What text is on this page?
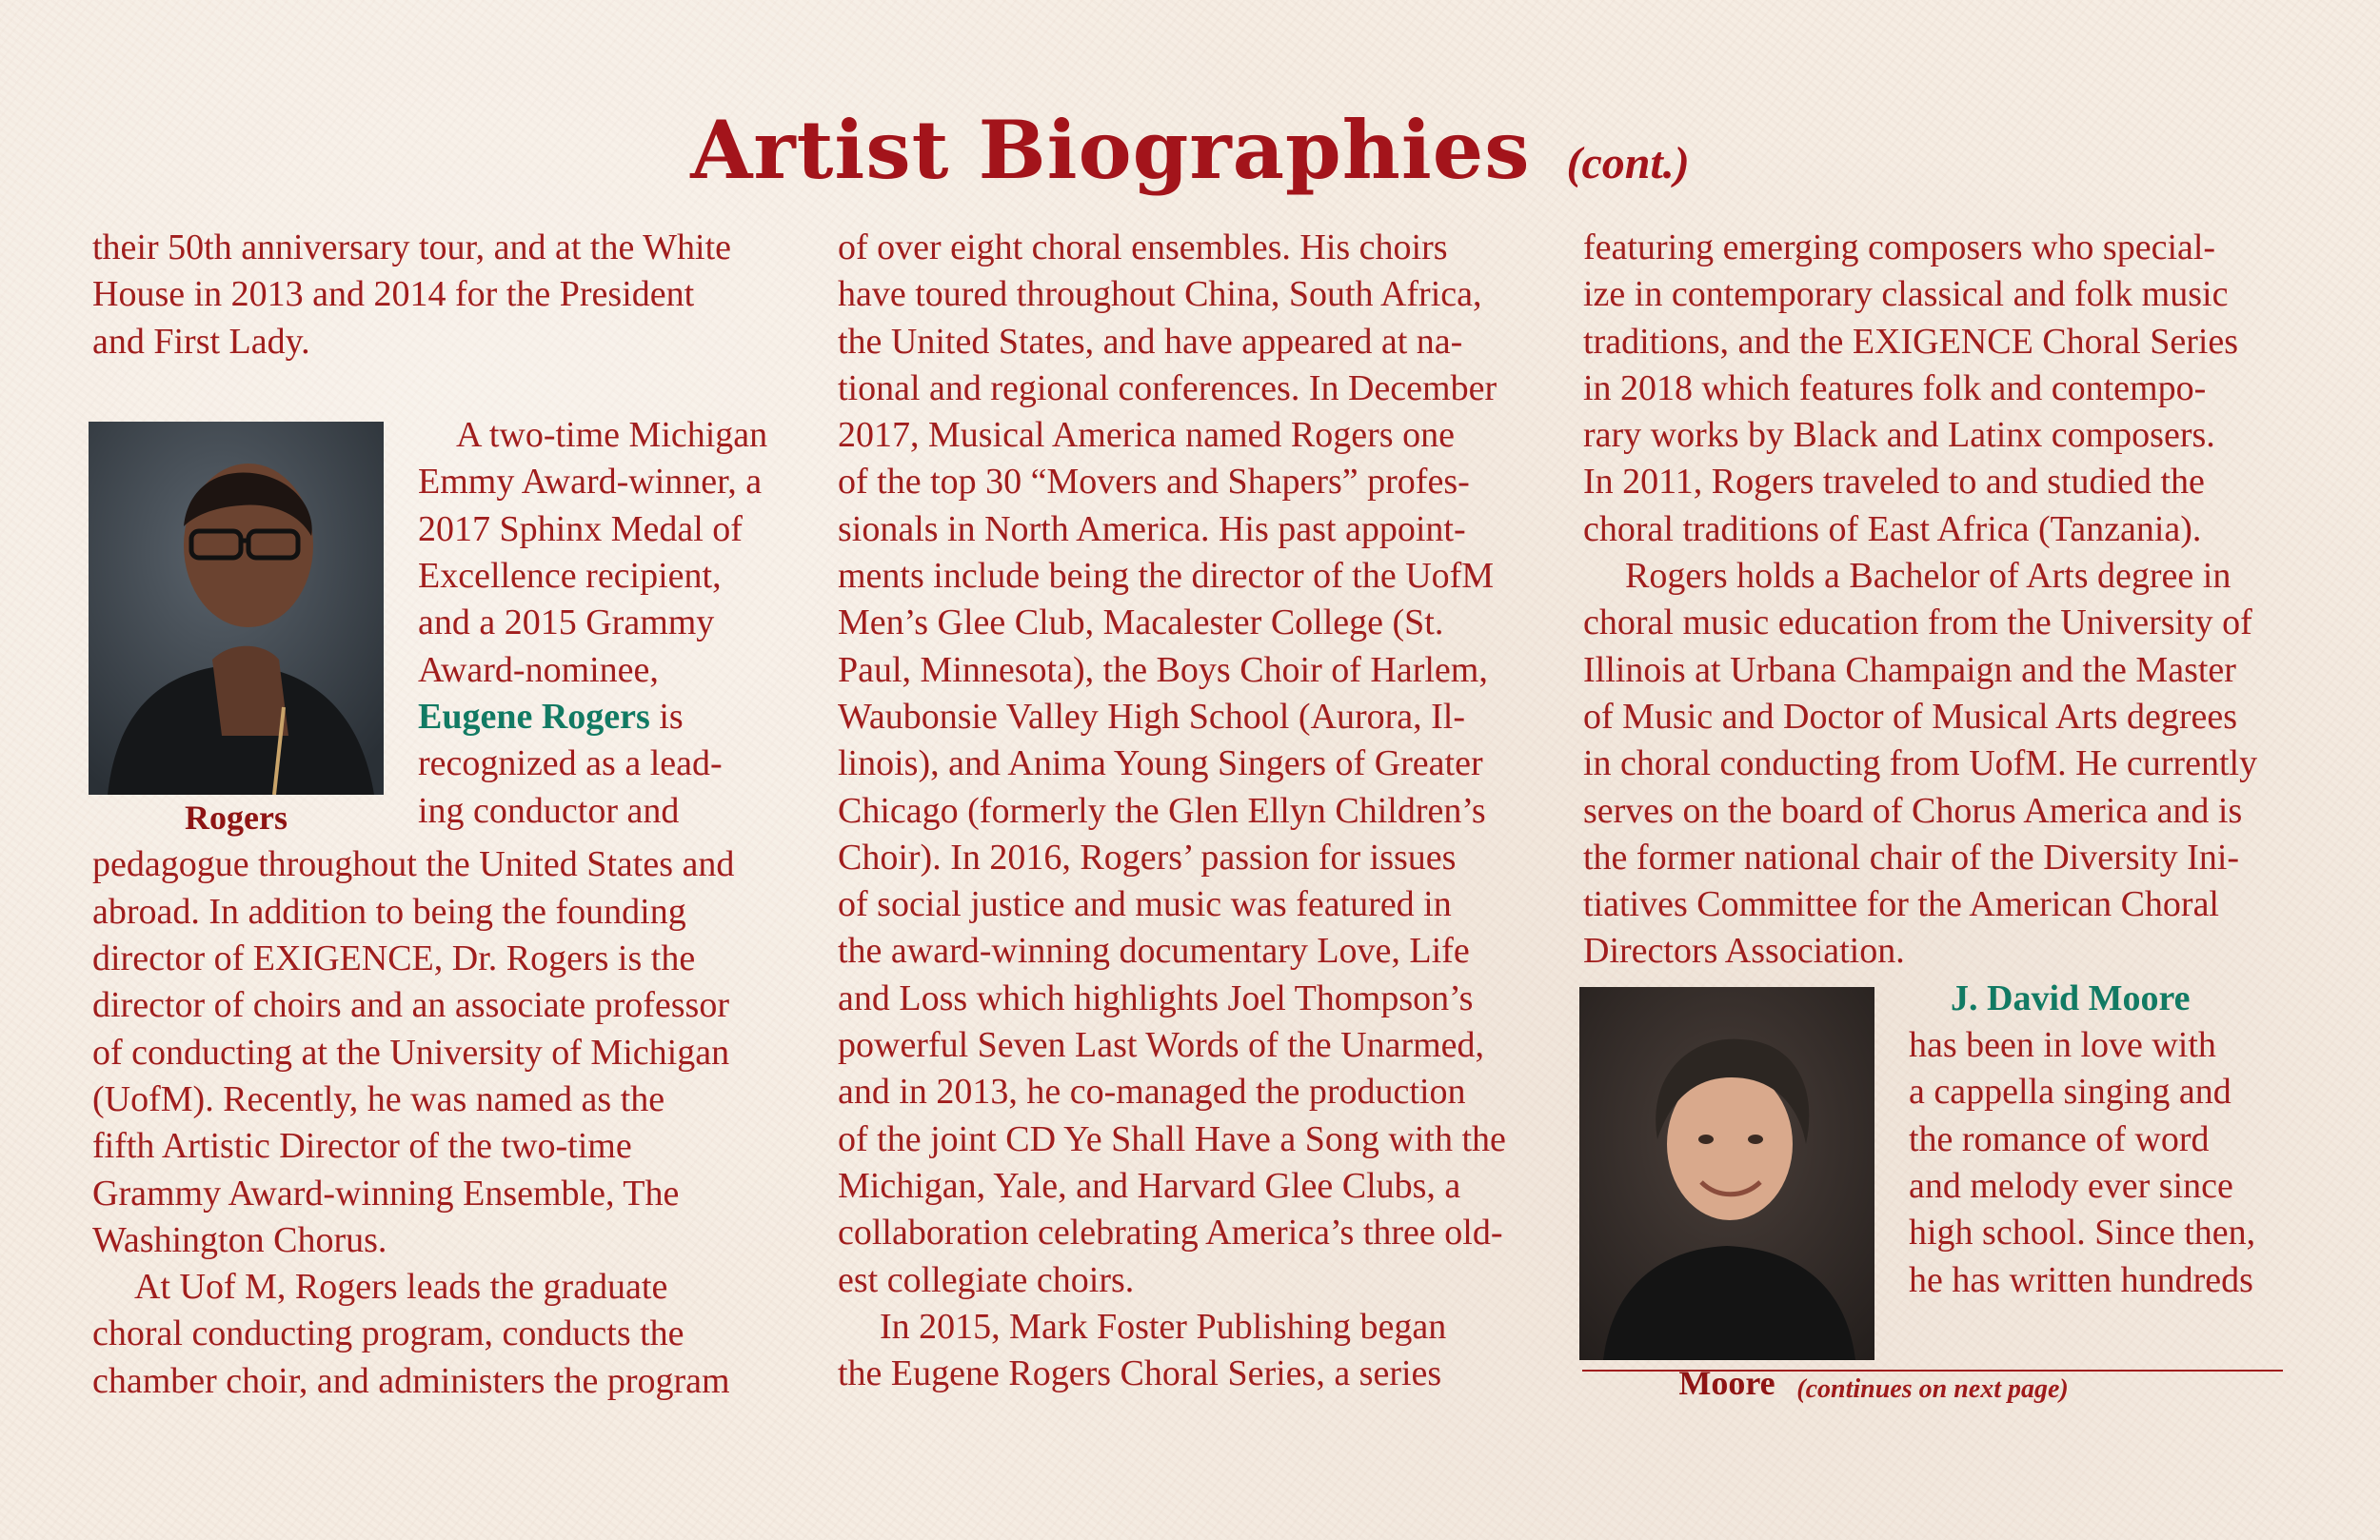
Artist Biographies (cont.)
their 50th anniversary tour, and at the White
House in 2013 and 2014 for the President
and First Lady.
Rogers
A two-time Michigan
Emmy Award-winner, a
2017 Sphinx Medal of
Excellence recipient,
and a 2015 Grammy
Award-nominee,
Eugene Rogers is
recognized as a lead-
ing conductor and
pedagogue throughout the United States and
abroad. In addition to being the founding
director of EXIGENCE, Dr. Rogers is the
director of choirs and an associate professor
of conducting at the University of Michigan
(UofM). Recently, he was named as the
fifth Artistic Director of the two-time
Grammy Award-winning Ensemble, The
Washington Chorus.
At Uof M, Rogers leads the graduate
choral conducting program, conducts the
chamber choir, and administers the program
of over eight choral ensembles. His choirs
have toured throughout China, South Africa,
the United States, and have appeared at na-
tional and regional conferences. In December
2017, Musical America named Rogers one
of the top 30 “Movers and Shapers” profes-
sionals in North America. His past appoint-
ments include being the director of the UofM
Men’s Glee Club, Macalester College (St.
Paul, Minnesota), the Boys Choir of Harlem,
Waubonsie Valley High School (Aurora, Il-
linois), and Anima Young Singers of Greater
Chicago (formerly the Glen Ellyn Children’s
Choir). In 2016, Rogers’ passion for issues
of social justice and music was featured in
the award-winning documentary Love, Life
and Loss which highlights Joel Thompson’s
powerful Seven Last Words of the Unarmed,
and in 2013, he co-managed the production
of the joint CD Ye Shall Have a Song with the
Michigan, Yale, and Harvard Glee Clubs, a
collaboration celebrating America’s three old-
est collegiate choirs.
In 2015, Mark Foster Publishing began
the Eugene Rogers Choral Series, a series
featuring emerging composers who special-
ize in contemporary classical and folk music
traditions, and the EXIGENCE Choral Series
in 2018 which features folk and contempo-
rary works by Black and Latinx composers.
In 2011, Rogers traveled to and studied the
choral traditions of East Africa (Tanzania).
Rogers holds a Bachelor of Arts degree in
choral music education from the University of
Illinois at Urbana Champaign and the Master
of Music and Doctor of Musical Arts degrees
in choral conducting from UofM. He currently
serves on the board of Chorus America and is
the former national chair of the Diversity Ini-
tiatives Committee for the American Choral
Directors Association.
Moore
J. David Moore
has been in love with
a cappella singing and
the romance of word
and melody ever since
high school. Since then,
he has written hundreds
(continues on next page)
